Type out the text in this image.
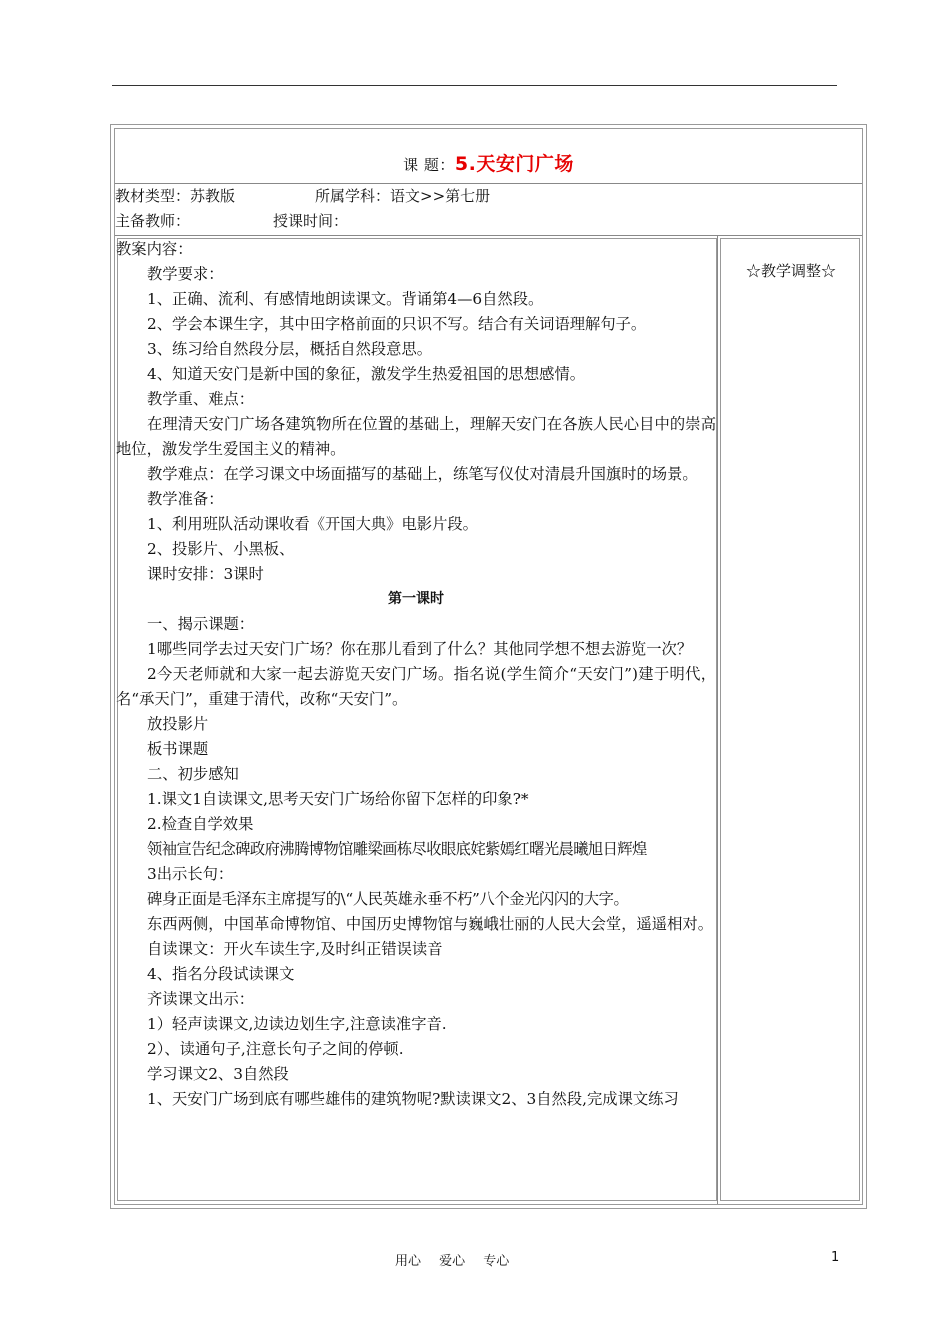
课 题：5.天安门广场
教材类型：苏教版	所属学科：语文>>第七册
主备教师：	授课时间：

教案内容：

教学要求：

1、正确、流利、有感情地朗读课文。背诵第4—6自然段。

2、学会本课生字，其中田字格前面的只识不写。结合有关词语理解句子。

3、练习给自然段分层，概括自然段意思。

4、知道天安门是新中国的象征，激发学生热爱祖国的思想感情。

教学重、难点：

在理清天安门广场各建筑物所在位置的基础上，理解天安门在各族人民心目中的崇高地位，激发学生爱国主义的精神。

教学难点：在学习课文中场面描写的基础上，练笔写仪仗对清晨升国旗时的场景。

教学准备：

1、利用班队活动课收看《开国大典》电影片段。

2、投影片、小黑板、

课时安排：3课时

第一课时

一、揭示课题：

1哪些同学去过天安门广场？你在那儿看到了什么？其他同学想不想去游览一次？

2今天老师就和大家一起去游览天安门广场。指名说(学生简介“天安门”)建于明代，名“承天门”，重建于清代，改称“天安门”。

放投影片

板书课题

二、初步感知

1.课文1自读课文,思考天安门广场给你留下怎样的印象?*

2.检查自学效果

领袖宣告纪念碑政府沸腾博物馆雕梁画栋尽收眼底姹紫嫣红曙光晨曦旭日辉煌

3出示长句：

碑身正面是毛泽东主席提写的\“人民英雄永垂不朽”八个金光闪闪的大字。

东西两侧，中国革命博物馆、中国历史博物馆与巍峨壮丽的人民大会堂，遥遥相对。

自读课文：开火车读生字,及时纠正错误读音

4、指名分段试读课文

齐读课文出示：

1）轻声读课文,边读边划生字,注意读准字音.

2）、读通句子,注意长句子之间的停顿.

学习课文2、3自然段

1、天安门广场到底有哪些雄伟的建筑物呢?默读课文2、3自然段,完成课文练习

☆教学调整☆
用心 爱心 专心	1
